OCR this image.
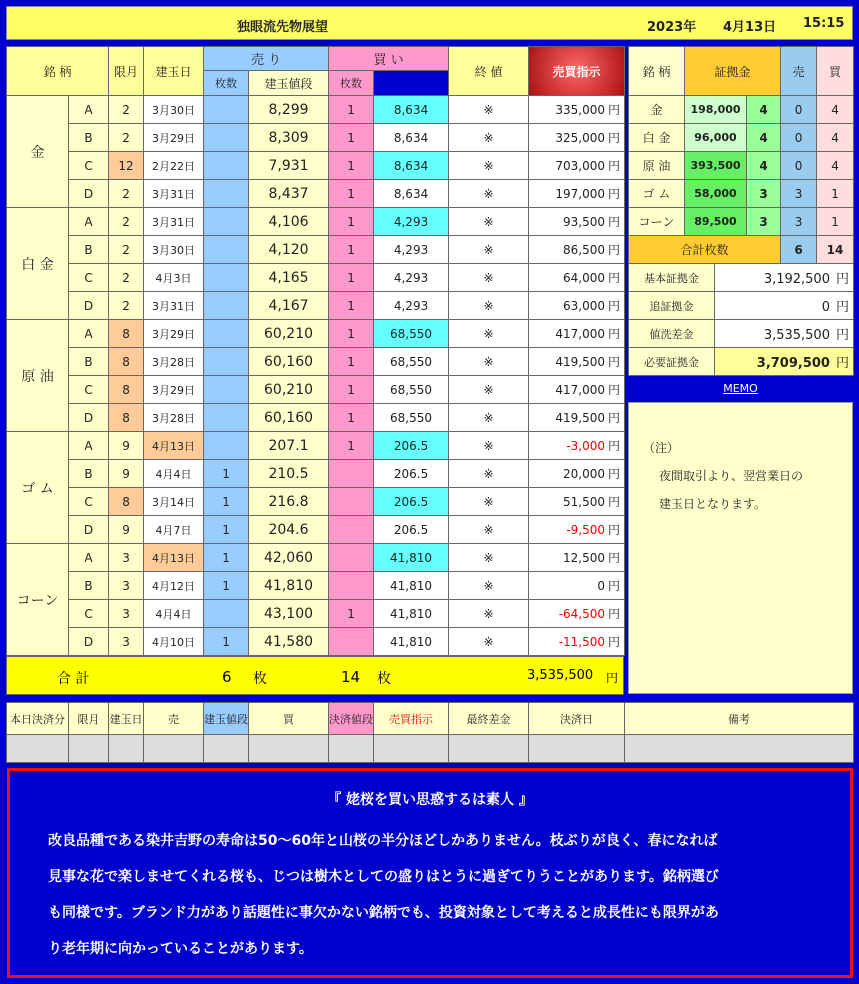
独眼流先物展望	2023年 4月13日 15:15
銘 柄		限月	建玉日	売 り		買 い		終 値	売買指示	
				枚数	建玉値段	枚数				
金	A	2	3月30日		8,299	1	8,634	※	335,000 円	
	B	2	3月29日		8,309	1	8,634	※	325,000 円	
	C	12	2月22日		7,931	1	8,634	※	703,000 円	
	D	2	3月31日		8,437	1	8,634	※	197,000 円	
白 金	A	2	3月31日		4,106	1	4,293	※	93,500 円	
	B	2	3月30日		4,120	1	4,293	※	86,500 円	
	C	2	4月3日		4,165	1	4,293	※	64,000 円	
	D	2	3月31日		4,167	1	4,293	※	63,000 円	
原 油	A	8	3月29日		60,210	1	68,550	※	417,000 円	
	B	8	3月28日		60,160	1	68,550	※	419,500 円	
	C	8	3月29日		60,210	1	68,550	※	417,000 円	
	D	8	3月28日		60,160	1	68,550	※	419,500 円	
ゴ ム	A	9	4月13日		207.1	1	206.5	※	-3,000 円	
	B	9	4月4日	1	210.5		206.5	※	20,000 円	
	C	8	3月14日	1	216.8		206.5	※	51,500 円	
	D	9	4月7日	1	204.6		206.5	※	-9,500 円	
コーン	A	3	4月13日	1	42,060		41,810	※	12,500 円	
	B	3	4月12日	1	41,810		41,810	※	0 円	
	C	3	4月4日		43,100	1	41,810	※	-64,500 円	
	D	3	4月10日	1	41,580		41,810	※	-11,500 円	
合 計	6 枚	14 枚	3,535,500 円
銘 柄	証拠金		売	買
金	198,000	4	0	4
白 金	96,000	4	0	4
原 油	393,500	4	0	4
ゴ ム	58,000	3	3	1
コーン	89,500	3	3	1
合計枚数			6	14
基本証拠金	3,192,500 円
追証拠金	0 円
値洗差金	3,535,500 円
必要証拠金	3,709,500 円
MEMO
（注）
夜間取引より、翌営業日の
建玉日となります。
本日決済分	限月	建玉日	売	建玉値段	買	決済値段	売買指示	最終差金	決済日	備考

『 姥桜を買い思惑するは素人 』
改良品種である染井吉野の寿命は50～60年と山桜の半分ほどしかありません。枝ぶりが良く、春になれば
見事な花で楽しませてくれる桜も、じつは樹木としての盛りはとうに過ぎてりうことがあります。銘柄選び
も同様です。ブランド力があり話題性に事欠かない銘柄でも、投資対象として考えると成長性にも限界があ
り老年期に向かっていることがあります。
